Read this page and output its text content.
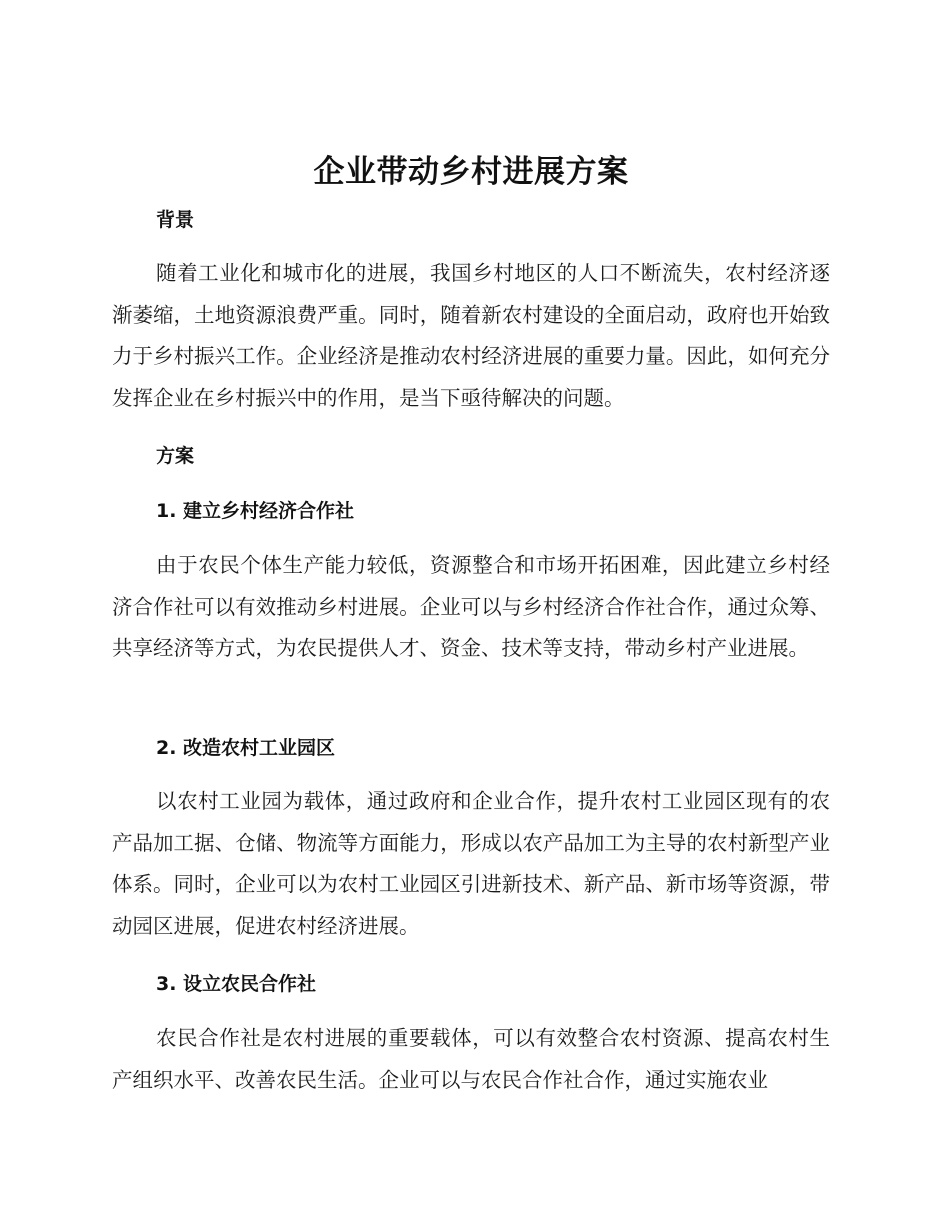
企业带动乡村进展方案
背景
随着工业化和城市化的进展，我国乡村地区的人口不断流失，农村经济逐渐萎缩，土地资源浪费严重。同时，随着新农村建设的全面启动，政府也开始致力于乡村振兴工作。企业经济是推动农村经济进展的重要力量。因此，如何充分发挥企业在乡村振兴中的作用，是当下亟待解决的问题。
方案
1. 建立乡村经济合作社
由于农民个体生产能力较低，资源整合和市场开拓困难，因此建立乡村经济合作社可以有效推动乡村进展。企业可以与乡村经济合作社合作，通过众筹、共享经济等方式，为农民提供人才、资金、技术等支持，带动乡村产业进展。
2. 改造农村工业园区
以农村工业园为载体，通过政府和企业合作，提升农村工业园区现有的农产品加工据、仓储、物流等方面能力，形成以农产品加工为主导的农村新型产业体系。同时，企业可以为农村工业园区引进新技术、新产品、新市场等资源，带动园区进展，促进农村经济进展。
3. 设立农民合作社
农民合作社是农村进展的重要载体，可以有效整合农村资源、提高农村生产组织水平、改善农民生活。企业可以与农民合作社合作，通过实施农业
